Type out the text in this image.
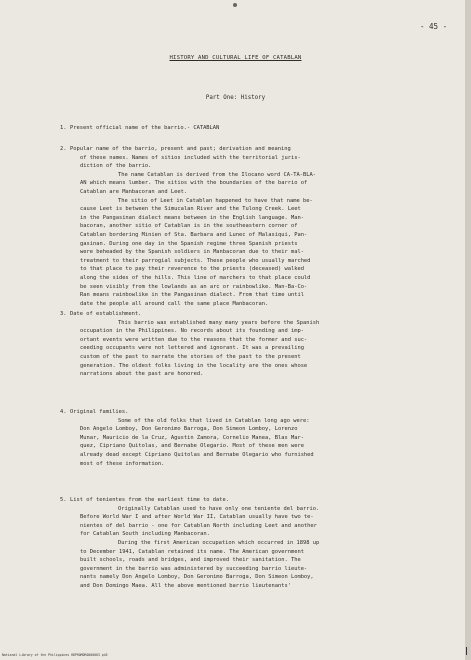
- 45 -
HISTORY AND CULTURAL LIFE OF CATABLAN
Part One: History
1. Present official name of the barrio.- CATABLAN
2. Popular name of the barrio, present and past; derivation and meaning
of these names. Names of sitios included with the territorial juris-
diction of the barrio.
The name Catablan is derived from the Ilocano word CA-TA-BLA-
AN which means lumber. The sitios with the boundaries of the barrio of
Catablan are Manbacoran and Leet.
The sitio of Leet in Catablan happened to have that name be-
cause Leet is between the Simucalan River and the Tulong Creek. Leet
in the Pangasinan dialect means between in the English language. Man-
bacoran, another sitio of Catablan is in the southeastern corner of
Catablan bordering Minien of Sta. Barbara and Lunec of Malasiqui, Pan-
gasinan. During one day in the Spanish regime three Spanish priests
were beheaded by the Spanish soldiers in Manbacoran due to their mal-
treatment to their parrogial subjects. These people who usually marched
to that place to pay their reverence to the priests (deceased) walked
along the sides of the hills. This line of marchers to that place could
be seen visibly from the lowlands as an arc or rainbowlike. Man-Ba-Co-
Ran means rainbowlike in the Pangasinan dialect. From that time until
date the people all around call the same place Manbacoran.
3. Date of establishment.
This barrio was established many many years before the Spanish
occupation in the Philippines. No records about its founding and imp-
ortant events were written due to the reasons that the former and suc-
ceeding occupants were not lettered and ignorant. It was a prevailing
custom of the past to narrate the stories of the past to the present
generation. The oldest folks living in the locality are the ones whose
narrations about the past are honored.
4. Original families.
Some of the old folks that lived in Catablan long ago were:
Don Angelo Lomboy, Don Geronimo Barroga, Don Simeon Lomboy, Lorenzo
Munar, Mauricio de la Cruz, Agustin Zamora, Cornelio Manea, Blas Mar-
quez, Cipriano Quitolas, and Bernabe Olegario. Most of these men were
already dead except Cipriano Quitolas and Bernabe Olegario who furnished
most of these information.
5. List of tenientes from the earliest time to date.
Originally Catablan used to have only one teniente del barrio.
Before World War I and after World War II, Catablan usually have two te-
nientes of del barrio - one for Catablan North including Leet and another
for Catablan South including Manbacoran.
During the first American occupation which occurred in 1898 up
to December 1941, Catablan retained its name. The American government
built schools, roads and bridges, and improved their sanitation. The
government in the barrio was administered by succeeding barrio lieute-
nants namely Don Angelo Lomboy, Don Geronimo Barroga, Don Simeon Lomboy,
and Don Domingo Maea. All the above mentioned barrio lieutenants'
National Library of the Philippines HDPROMDR0000003 p45
